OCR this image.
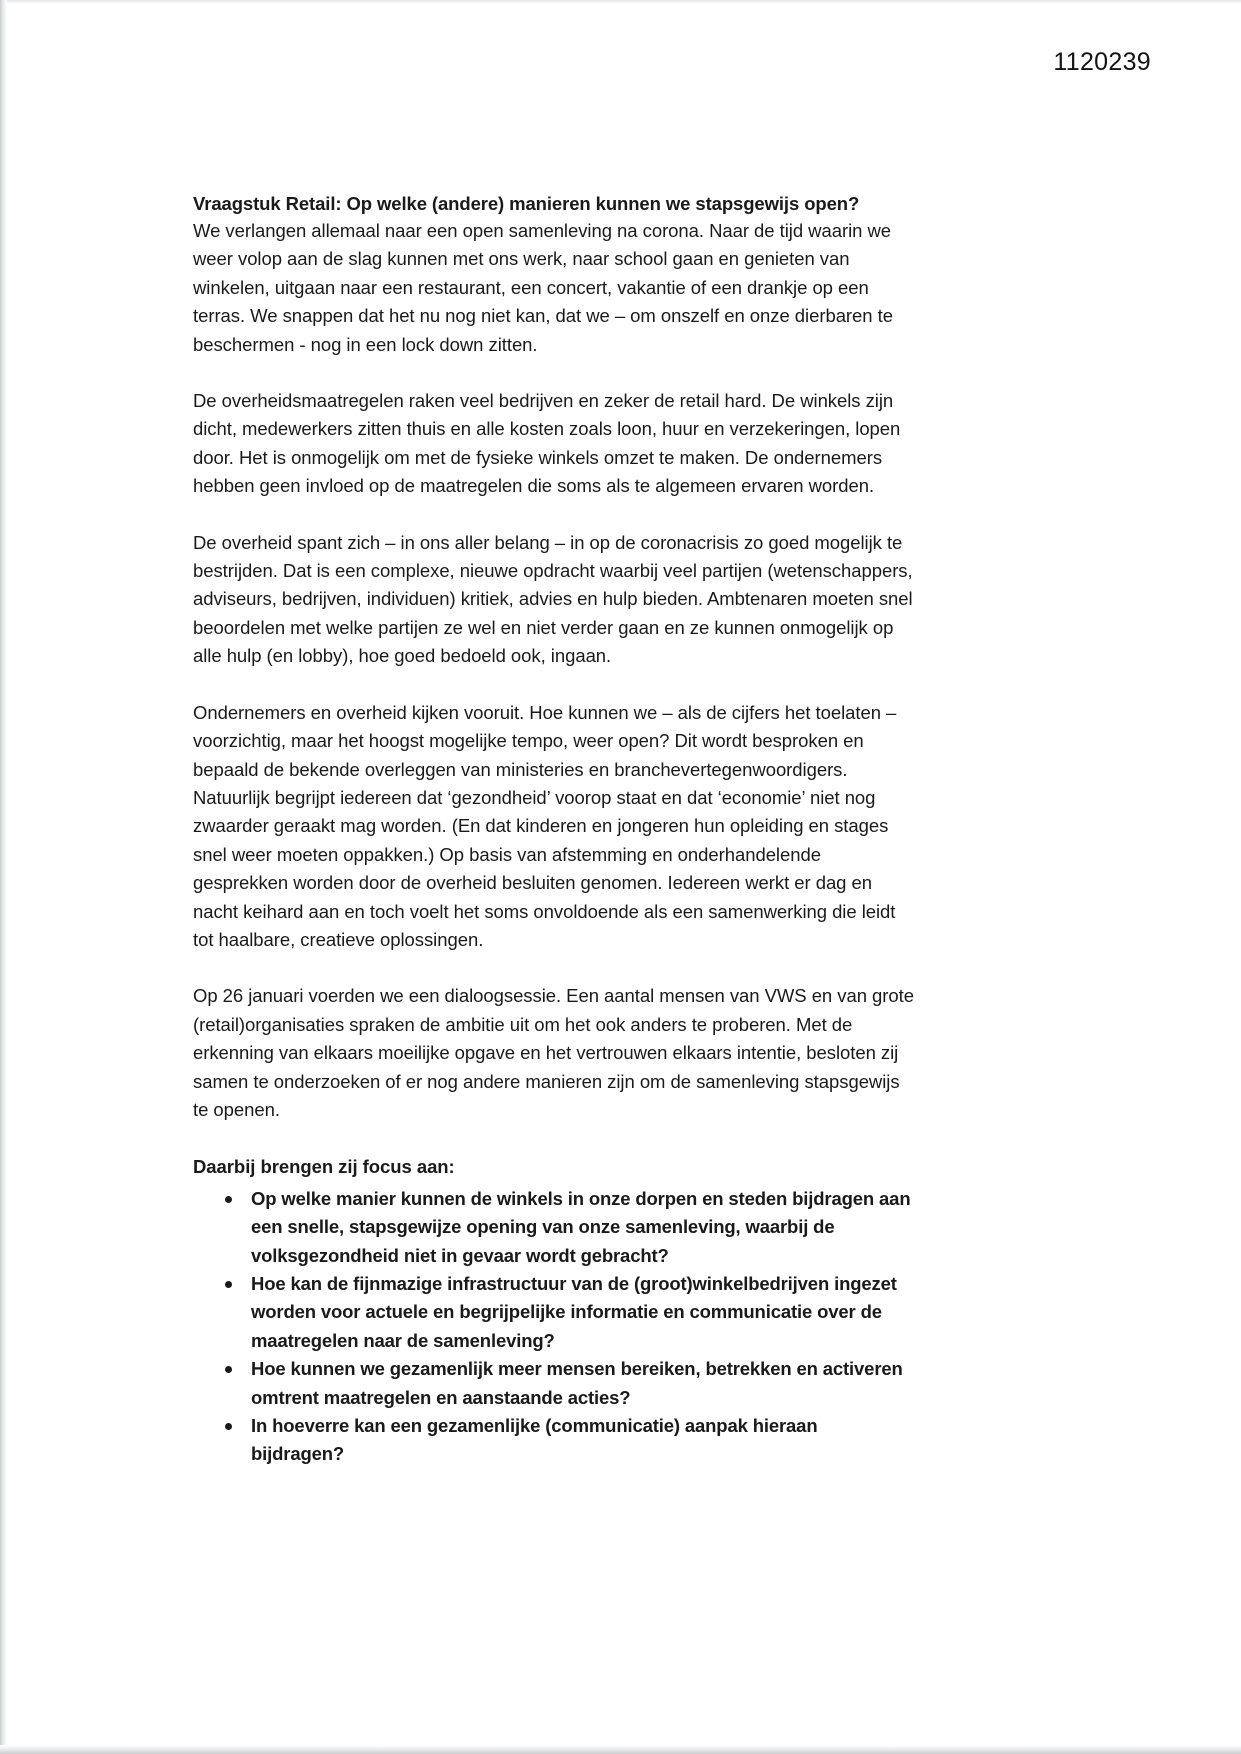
1120239
Vraagstuk Retail: Op welke (andere) manieren kunnen we stapsgewijs open?

We verlangen allemaal naar een open samenleving na corona. Naar de tijd waarin we weer volop aan de slag kunnen met ons werk, naar school gaan en genieten van winkelen, uitgaan naar een restaurant, een concert, vakantie of een drankje op een terras. We snappen dat het nu nog niet kan, dat we – om onszelf en onze dierbaren te beschermen - nog in een lock down zitten.

De overheidsmaatregelen raken veel bedrijven en zeker de retail hard. De winkels zijn dicht, medewerkers zitten thuis en alle kosten zoals loon, huur en verzekeringen, lopen door. Het is onmogelijk om met de fysieke winkels omzet te maken. De ondernemers hebben geen invloed op de maatregelen die soms als te algemeen ervaren worden.

De overheid spant zich – in ons aller belang – in op de coronacrisis zo goed mogelijk te bestrijden. Dat is een complexe, nieuwe opdracht waarbij veel partijen (wetenschappers, adviseurs, bedrijven, individuen) kritiek, advies en hulp bieden. Ambtenaren moeten snel beoordelen met welke partijen ze wel en niet verder gaan en ze kunnen onmogelijk op alle hulp (en lobby), hoe goed bedoeld ook, ingaan.

Ondernemers en overheid kijken vooruit. Hoe kunnen we – als de cijfers het toelaten – voorzichtig, maar het hoogst mogelijke tempo, weer open? Dit wordt besproken en bepaald de bekende overleggen van ministeries en branchevertegenwoordigers. Natuurlijk begrijpt iedereen dat ‘gezondheid’ voorop staat en dat ‘economie’ niet nog zwaarder geraakt mag worden. (En dat kinderen en jongeren hun opleiding en stages snel weer moeten oppakken.) Op basis van afstemming en onderhandelende gesprekken worden door de overheid besluiten genomen. Iedereen werkt er dag en nacht keihard aan en toch voelt het soms onvoldoende als een samenwerking die leidt tot haalbare, creatieve oplossingen.

Op 26 januari voerden we een dialoogsessie. Een aantal mensen van VWS en van grote (retail)organisaties spraken de ambitie uit om het ook anders te proberen. Met de erkenning van elkaars moeilijke opgave en het vertrouwen elkaars intentie, besloten zij samen te onderzoeken of er nog andere manieren zijn om de samenleving stapsgewijs te openen.

Daarbij brengen zij focus aan:
Op welke manier kunnen de winkels in onze dorpen en steden bijdragen aan een snelle, stapsgewijze opening van onze samenleving, waarbij de volksgezondheid niet in gevaar wordt gebracht?
Hoe kan de fijnmazige infrastructuur van de (groot)winkelbedrijven ingezet worden voor actuele en begrijpelijke informatie en communicatie over de maatregelen naar de samenleving?
Hoe kunnen we gezamenlijk meer mensen bereiken, betrekken en activeren omtrent maatregelen en aanstaande acties?
In hoeverre kan een gezamenlijke (communicatie) aanpak hieraan bijdragen?
